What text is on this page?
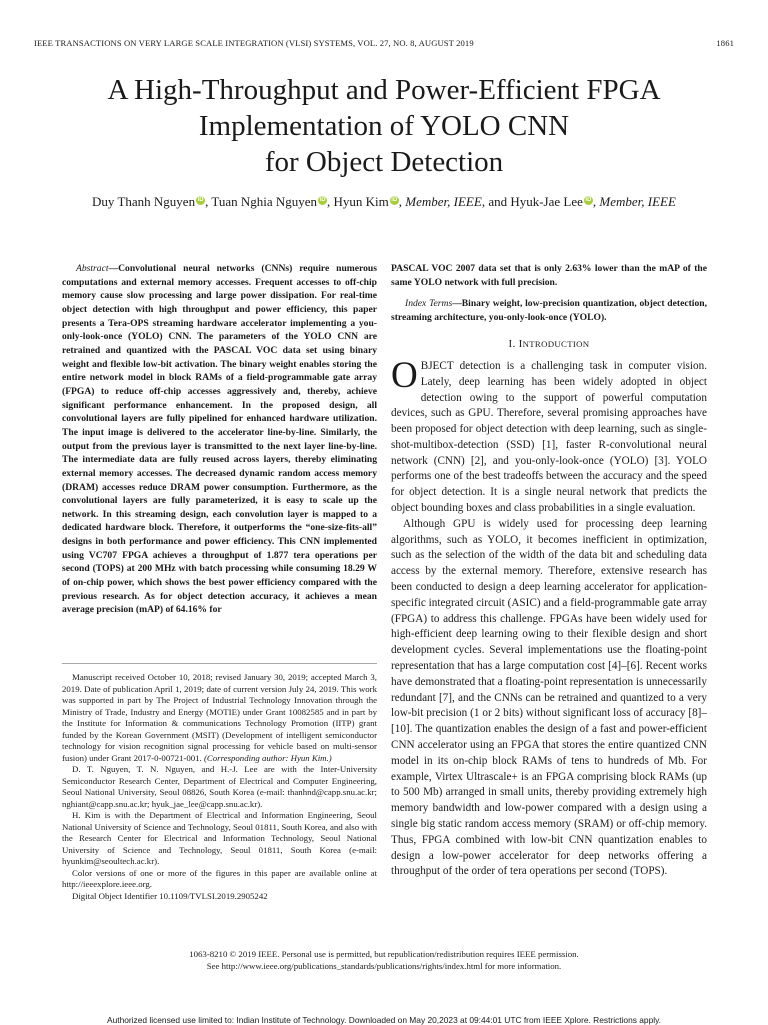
IEEE TRANSACTIONS ON VERY LARGE SCALE INTEGRATION (VLSI) SYSTEMS, VOL. 27, NO. 8, AUGUST 2019	1861
A High-Throughput and Power-Efficient FPGA
Implementation of YOLO CNN
for Object Detection
Duy Thanh Nguyen iD , Tuan Nghia Nguyen iD , Hyun Kim iD , Member, IEEE, and Hyuk-Jae Lee iD , Member, IEEE

Abstract—Convolutional neural networks (CNNs) require numerous computations and external memory accesses. Frequent accesses to off-chip memory cause slow processing and large power dissipation. For real-time object detection with high throughput and power efficiency, this paper presents a Tera-OPS streaming hardware accelerator implementing a you-only-look-once (YOLO) CNN. The parameters of the YOLO CNN are retrained and quantized with the PASCAL VOC data set using binary weight and flexible low-bit activation. The binary weight enables storing the entire network model in block RAMs of a field-programmable gate array (FPGA) to reduce off-chip accesses aggressively and, thereby, achieve significant performance enhancement. In the proposed design, all convolutional layers are fully pipelined for enhanced hardware utilization. The input image is delivered to the accelerator line-by-line. Similarly, the output from the previous layer is transmitted to the next layer line-by-line. The intermediate data are fully reused across layers, thereby eliminating external memory accesses. The decreased dynamic random access memory (DRAM) accesses reduce DRAM power consumption. Furthermore, as the convolutional layers are fully parameterized, it is easy to scale up the network. In this streaming design, each convolution layer is mapped to a dedicated hardware block. Therefore, it outperforms the “one-size-fits-all” designs in both performance and power efficiency. This CNN implemented using VC707 FPGA achieves a throughput of 1.877 tera operations per second (TOPS) at 200 MHz with batch processing while consuming 18.29 W of on-chip power, which shows the best power efficiency compared with the previous research. As for object detection accuracy, it achieves a mean average precision (mAP) of 64.16% for

Manuscript received October 10, 2018; revised January 30, 2019; accepted March 3, 2019. Date of publication April 1, 2019; date of current version July 24, 2019. This work was supported in part by The Project of Industrial Technology Innovation through the Ministry of Trade, Industry and Energy (MOTIE) under Grant 10082585 and in part by the Institute for Information & communications Technology Promotion (IITP) grant funded by the Korean Government (MSIT) (Development of intelligent semiconductor technology for vision recognition signal processing for vehicle based on multi-sensor fusion) under Grant 2017-0-00721-001. (Corresponding author: Hyun Kim.)

D. T. Nguyen, T. N. Nguyen, and H.-J. Lee are with the Inter-University Semiconductor Research Center, Department of Electrical and Computer Engineering, Seoul National University, Seoul 08826, South Korea (e-mail: thanhnd@capp.snu.ac.kr; nghiant@capp.snu.ac.kr; hyuk_jae_lee@capp.snu.ac.kr).

H. Kim is with the Department of Electrical and Information Engineering, Seoul National University of Science and Technology, Seoul 01811, South Korea, and also with the Research Center for Electrical and Information Technology, Seoul National University of Science and Technology, Seoul 01811, South Korea (e-mail: hyunkim@seoultech.ac.kr).

Color versions of one or more of the figures in this paper are available online at http://ieeexplore.ieee.org.

Digital Object Identifier 10.1109/TVLSI.2019.2905242

PASCAL VOC 2007 data set that is only 2.63% lower than the mAP of the same YOLO network with full precision.

Index Terms—Binary weight, low-precision quantization, object detection, streaming architecture, you-only-look-once (YOLO).

I. INTRODUCTION

OBJECT detection is a challenging task in computer vision. Lately, deep learning has been widely adopted in object detection owing to the support of powerful computation devices, such as GPU. Therefore, several promising approaches have been proposed for object detection with deep learning, such as single-shot-multibox-detection (SSD) [1], faster R-convolutional neural network (CNN) [2], and you-only-look-once (YOLO) [3]. YOLO performs one of the best tradeoffs between the accuracy and the speed for object detection. It is a single neural network that predicts the object bounding boxes and class probabilities in a single evaluation.

Although GPU is widely used for processing deep learning algorithms, such as YOLO, it becomes inefficient in optimization, such as the selection of the width of the data bit and scheduling data access by the external memory. Therefore, extensive research has been conducted to design a deep learning accelerator for application-specific integrated circuit (ASIC) and a field-programmable gate array (FPGA) to address this challenge. FPGAs have been widely used for high-efficient deep learning owing to their flexible design and short development cycles. Several implementations use the floating-point representation that has a large computation cost [4]–[6]. Recent works have demonstrated that a floating-point representation is unnecessarily redundant [7], and the CNNs can be retrained and quantized to a very low-bit precision (1 or 2 bits) without significant loss of accuracy [8]–[10]. The quantization enables the design of a fast and power-efficient CNN accelerator using an FPGA that stores the entire quantized CNN model in its on-chip block RAMs of tens to hundreds of Mb. For example, Virtex Ultrascale+ is an FPGA comprising block RAMs (up to 500 Mb) arranged in small units, thereby providing extremely high memory bandwidth and low-power compared with a design using a single big static random access memory (SRAM) or off-chip memory. Thus, FPGA combined with low-bit CNN quantization enables to design a low-power accelerator for deep networks offering a throughput of the order of tera operations per second (TOPS).

1063-8210 © 2019 IEEE. Personal use is permitted, but republication/redistribution requires IEEE permission.
See http://www.ieee.org/publications_standards/publications/rights/index.html for more information.
Authorized licensed use limited to: Indian Institute of Technology. Downloaded on May 20,2023 at 09:44:01 UTC from IEEE Xplore. Restrictions apply.
